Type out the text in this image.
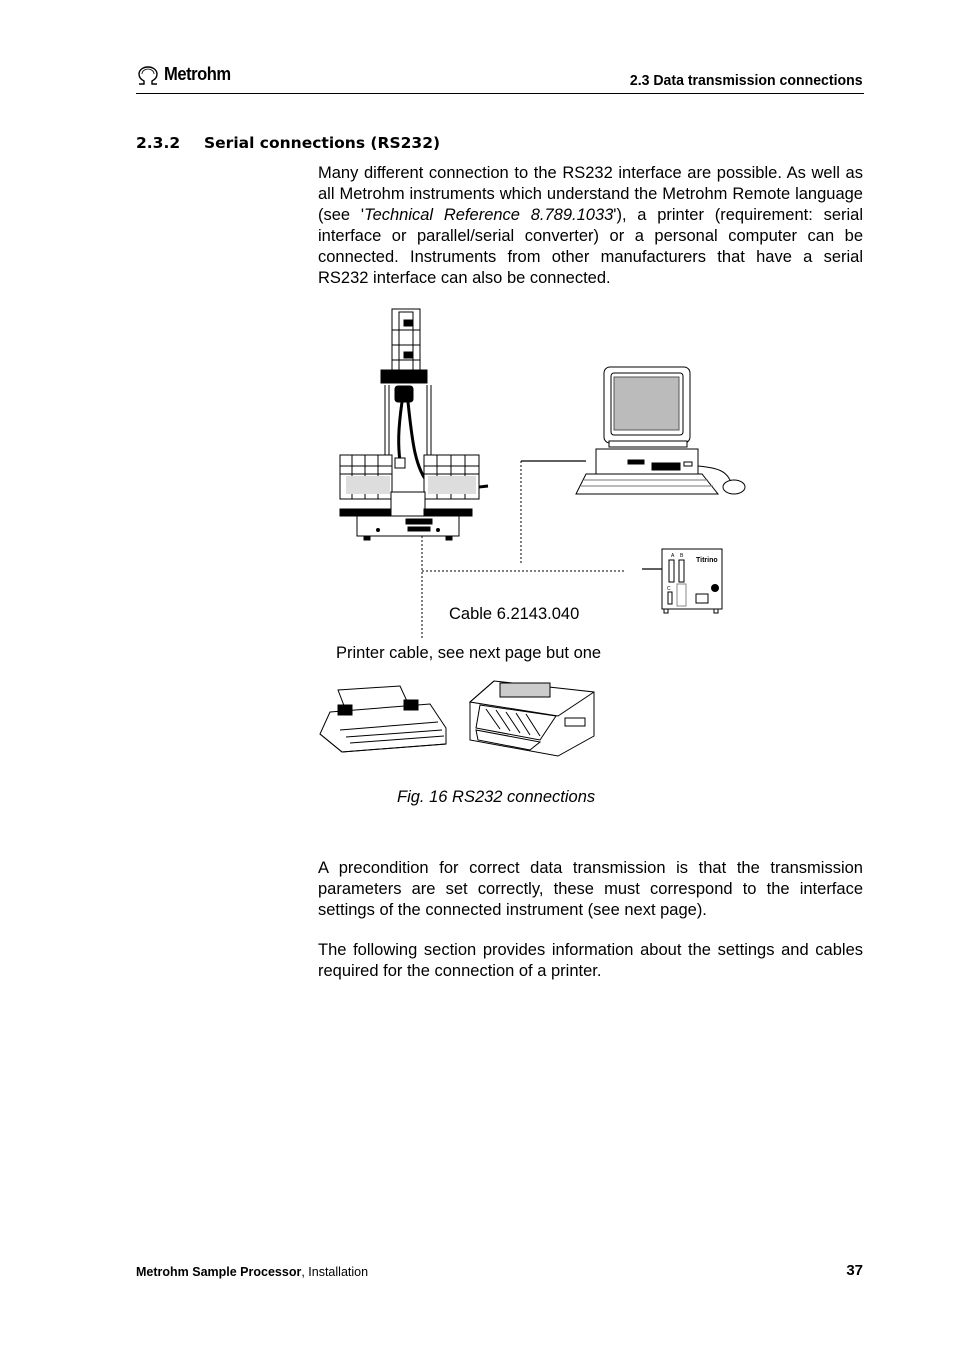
Metrohm	2.3 Data transmission connections
2.3.2 Serial connections (RS232)
Many different connection to the RS232 interface are possible. As well as all Metrohm instruments which understand the Metrohm Remote language (see 'Technical Reference 8.789.1033'), a printer (requirement: serial interface or parallel/serial converter) or a personal computer can be connected. Instruments from other manufacturers that have a serial RS232 interface can also be connected.
Titrino
A B
C
Cable 6.2143.040
Printer cable, see next page but one
Fig. 16 RS232 connections
A precondition for correct data transmission is that the transmission parameters are set correctly, these must correspond to the interface settings of the connected instrument (see next page).
The following section provides information about the settings and cables required for the connection of a printer.
Metrohm Sample Processor, Installation	37
